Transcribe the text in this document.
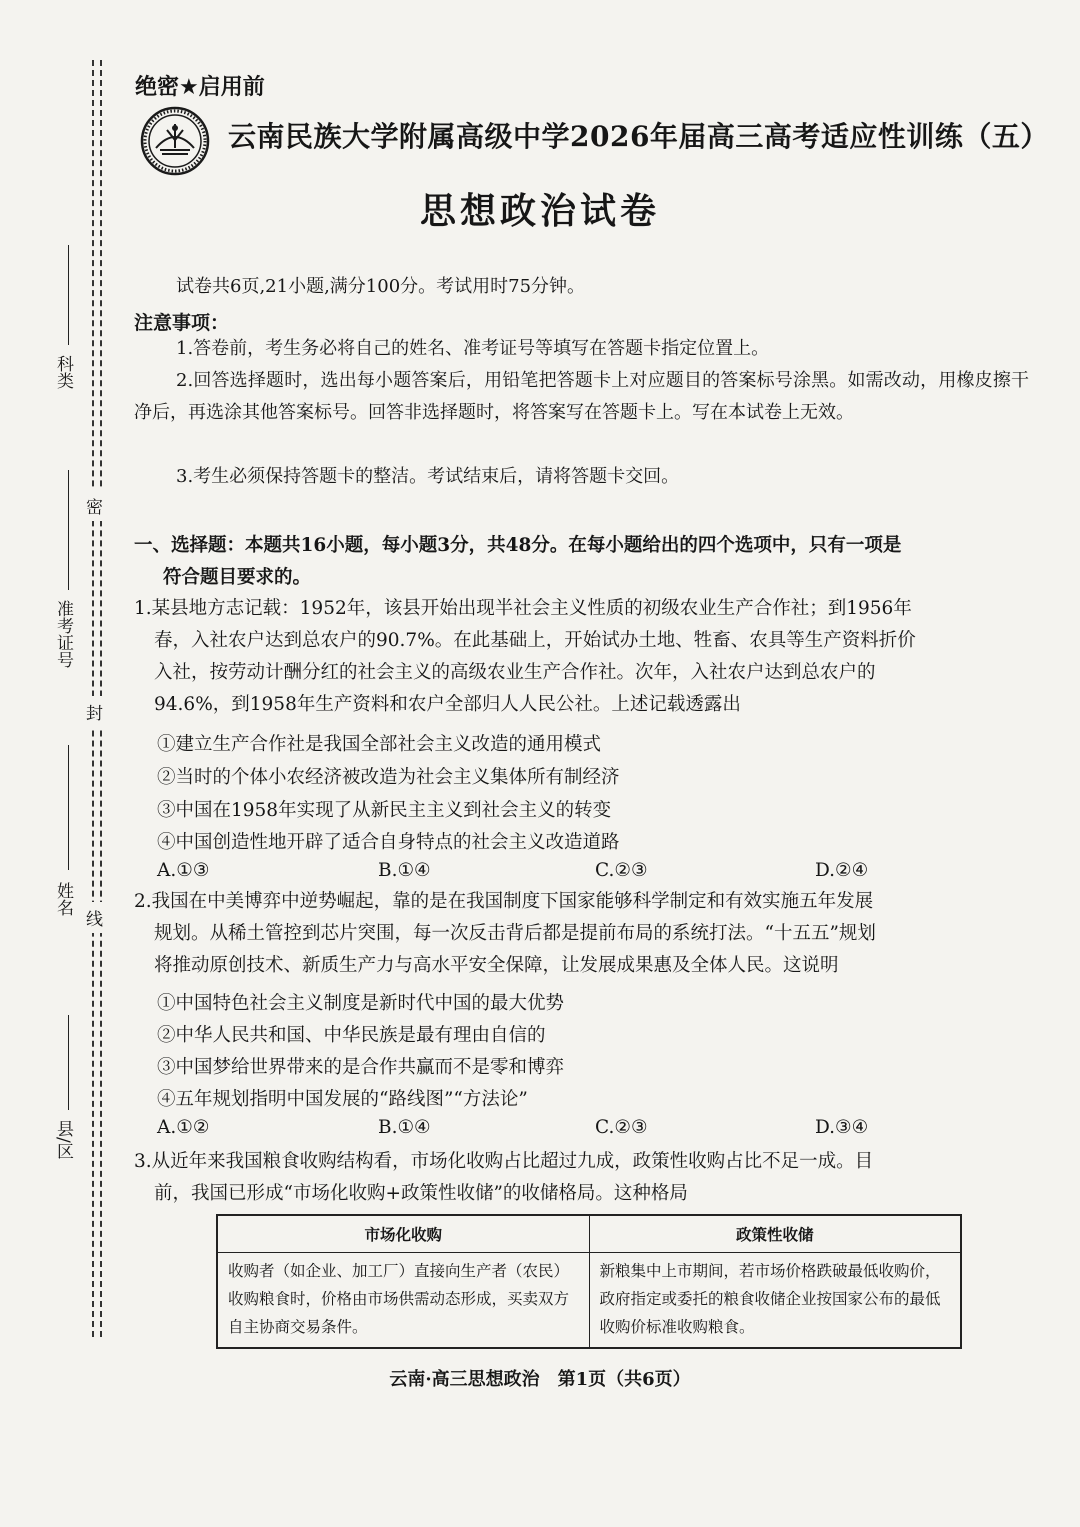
科类
准考证号
姓名
县/区
密
封
线
绝密★启用前
云南民族大学附属高级中学2026年届高三高考适应性训练（五）
思想政治试卷
试卷共6页,21小题,满分100分。考试用时75分钟。
注意事项：
1.答卷前，考生务必将自己的姓名、准考证号等填写在答题卡指定位置上。
2.回答选择题时，选出每小题答案后，用铅笔把答题卡上对应题目的答案标号涂黑。如需改动，用橡皮擦干净后，再选涂其他答案标号。回答非选择题时，将答案写在答题卡上。写在本试卷上无效。
3.考生必须保持答题卡的整洁。考试结束后，请将答题卡交回。
一、选择题：本题共16小题，每小题3分，共48分。在每小题给出的四个选项中，只有一项是
符合题目要求的。
1.某县地方志记载：1952年，该县开始出现半社会主义性质的初级农业生产合作社；到1956年
春，入社农户达到总农户的90.7%。在此基础上，开始试办土地、牲畜、农具等生产资料折价
入社，按劳动计酬分红的社会主义的高级农业生产合作社。次年，入社农户达到总农户的
94.6%，到1958年生产资料和农户全部归人人民公社。上述记载透露出
①建立生产合作社是我国全部社会主义改造的通用模式
②当时的个体小农经济被改造为社会主义集体所有制经济
③中国在1958年实现了从新民主主义到社会主义的转变
④中国创造性地开辟了适合自身特点的社会主义改造道路
A.①③	B.①④	C.②③	D.②④
2.我国在中美博弈中逆势崛起，靠的是在我国制度下国家能够科学制定和有效实施五年发展
规划。从稀土管控到芯片突围，每一次反击背后都是提前布局的系统打法。“十五五”规划
将推动原创技术、新质生产力与高水平安全保障，让发展成果惠及全体人民。这说明
①中国特色社会主义制度是新时代中国的最大优势
②中华人民共和国、中华民族是最有理由自信的
③中国梦给世界带来的是合作共赢而不是零和博弈
④五年规划指明中国发展的“路线图”“方法论”
A.①②	B.①④	C.②③	D.③④
3.从近年来我国粮食收购结构看，市场化收购占比超过九成，政策性收购占比不足一成。目
前，我国已形成“市场化收购+政策性收储”的收储格局。这种格局
市场化收购	政策性收储
收购者（如企业、加工厂）直接向生产者（农民）收购粮食时，价格由市场供需动态形成，买卖双方自主协商交易条件。	新粮集中上市期间，若市场价格跌破最低收购价，政府指定或委托的粮食收储企业按国家公布的最低收购价标准收购粮食。
云南·高三思想政治　第1页（共6页）
